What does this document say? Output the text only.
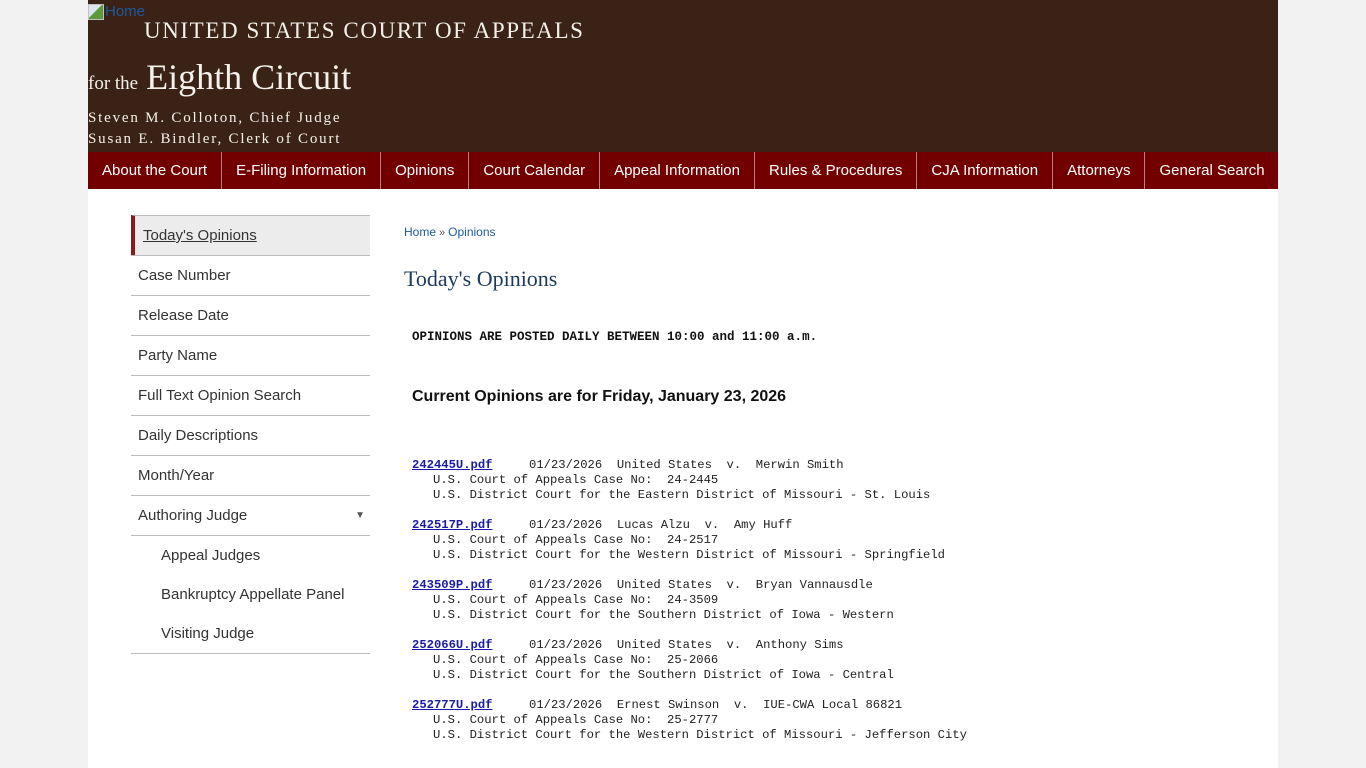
Home
UNITED STATES COURT OF APPEALS
for the Eighth Circuit
Steven M. Colloton, Chief Judge
Susan E. Bindler, Clerk of Court
About the Court	E-Filing Information	Opinions	Court Calendar	Appeal Information	Rules & Procedures	CJA Information	Attorneys	General Search
Today's Opinions
Case Number
Release Date
Party Name
Full Text Opinion Search
Daily Descriptions
Month/Year
Authoring Judge	▼
Appeal Judges
Bankruptcy Appellate Panel
Visiting Judge
Home » Opinions
Today's Opinions
OPINIONS ARE POSTED DAILY BETWEEN 10:00 and 11:00 a.m.
Current Opinions are for Friday, January 23, 2026
242445U.pdf	01/23/2026 United States  v.  Merwin Smith
U.S. Court of Appeals Case No:  24-2445
U.S. District Court for the Eastern District of Missouri - St. Louis
242517P.pdf	01/23/2026 Lucas Alzu  v.  Amy Huff
U.S. Court of Appeals Case No:  24-2517
U.S. District Court for the Western District of Missouri - Springfield
243509P.pdf	01/23/2026 United States  v.  Bryan Vannausdle
U.S. Court of Appeals Case No:  24-3509
U.S. District Court for the Southern District of Iowa - Western
252066U.pdf	01/23/2026 United States  v.  Anthony Sims
U.S. Court of Appeals Case No:  25-2066
U.S. District Court for the Southern District of Iowa - Central
252777U.pdf	01/23/2026 Ernest Swinson  v.  IUE-CWA Local 86821
U.S. Court of Appeals Case No:  25-2777
U.S. District Court for the Western District of Missouri - Jefferson City
